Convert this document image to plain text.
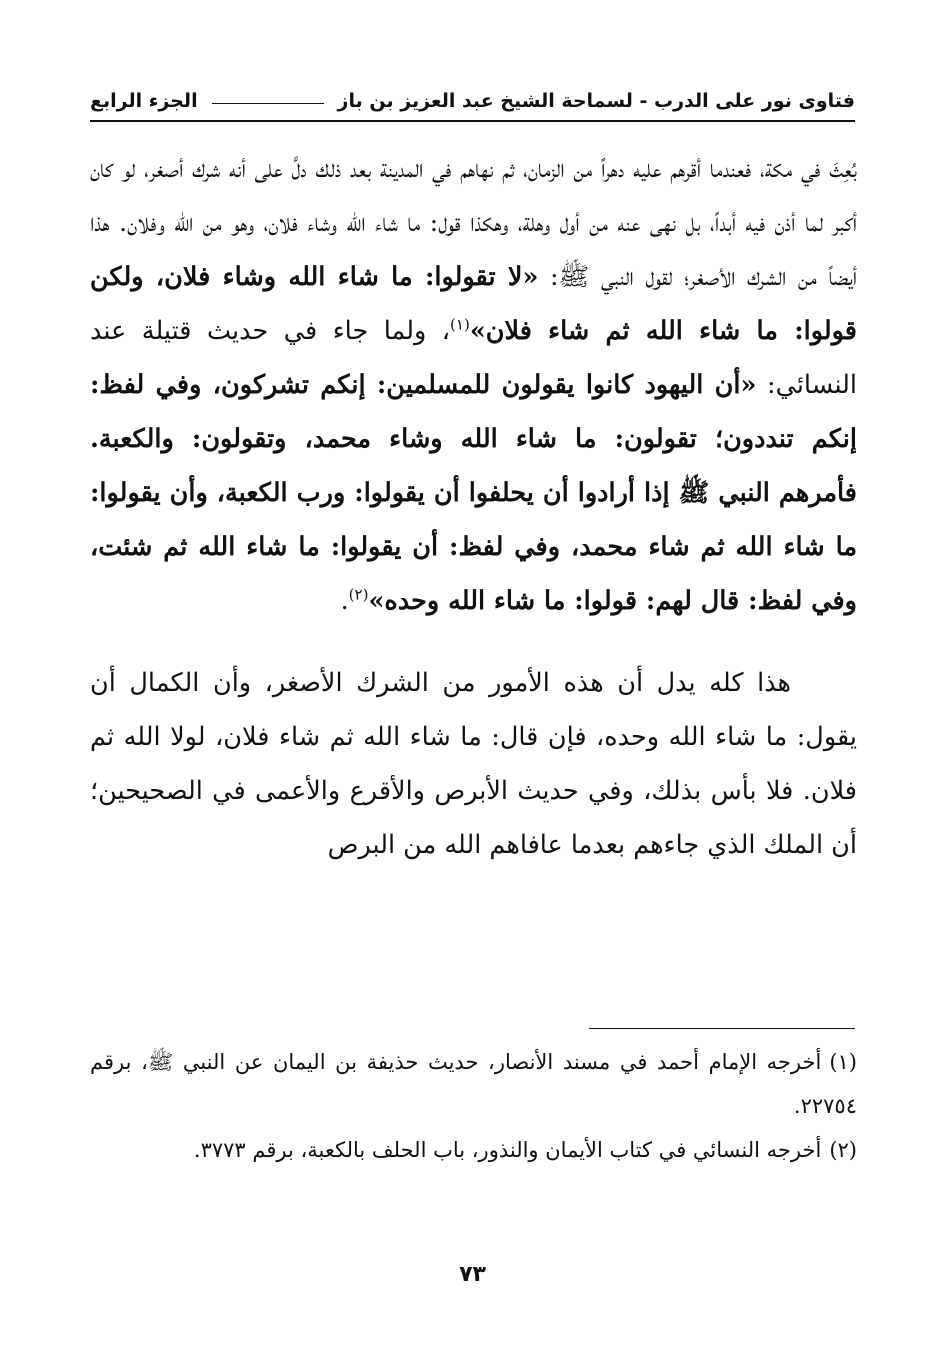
فتاوى نور على الدرب - لسماحة الشيخ عبد العزيز بن باز
الجزء الرابع

بُعِثَ في مكة، فعندما أقرهم عليه دهراً من الزمان، ثم نهاهم في المدينة بعد ذلك دلَّ على أنه شرك أصغر، لو كان أكبر لما أذن فيه أبداً، بل نهى عنه من أول وهلة، وهكذا قول: ما شاء الله وشاء فلان، وهو من الله وفلان. هذا أيضاً من الشرك الأصغر؛ لقول النبي ﷺ: «لا تقولوا: ما شاء الله وشاء فلان، ولكن قولوا: ما شاء الله ثم شاء فلان»$^{(١)}$، ولما جاء في حديث قتيلة عند النسائي: «أن اليهود كانوا يقولون للمسلمين: إنكم تشركون، وفي لفظ: إنكم تنددون؛ تقولون: ما شاء الله وشاء محمد، وتقولون: والكعبة. فأمرهم النبي ﷺ إذا أرادوا أن يحلفوا أن يقولوا: ورب الكعبة، وأن يقولوا: ما شاء الله ثم شاء محمد، وفي لفظ: أن يقولوا: ما شاء الله ثم شئت، وفي لفظ: قال لهم: قولوا: ما شاء الله وحده»$^{(٢)}$.

هذا كله يدل أن هذه الأمور من الشرك الأصغر، وأن الكمال أن يقول: ما شاء الله وحده، فإن قال: ما شاء الله ثم شاء فلان، لولا الله ثم فلان. فلا بأس بذلك، وفي حديث الأبرص والأقرع والأعمى في الصحيحين؛ أن الملك الذي جاءهم بعدما عافاهم الله من البرص

(١)أخرجه الإمام أحمد في مسند الأنصار، حديث حذيفة بن اليمان عن النبي ﷺ، برقم ٢٢٧٥٤.

(٢)أخرجه النسائي في كتاب الأيمان والنذور، باب الحلف بالكعبة، برقم ٣٧٧٣.

٧٣
